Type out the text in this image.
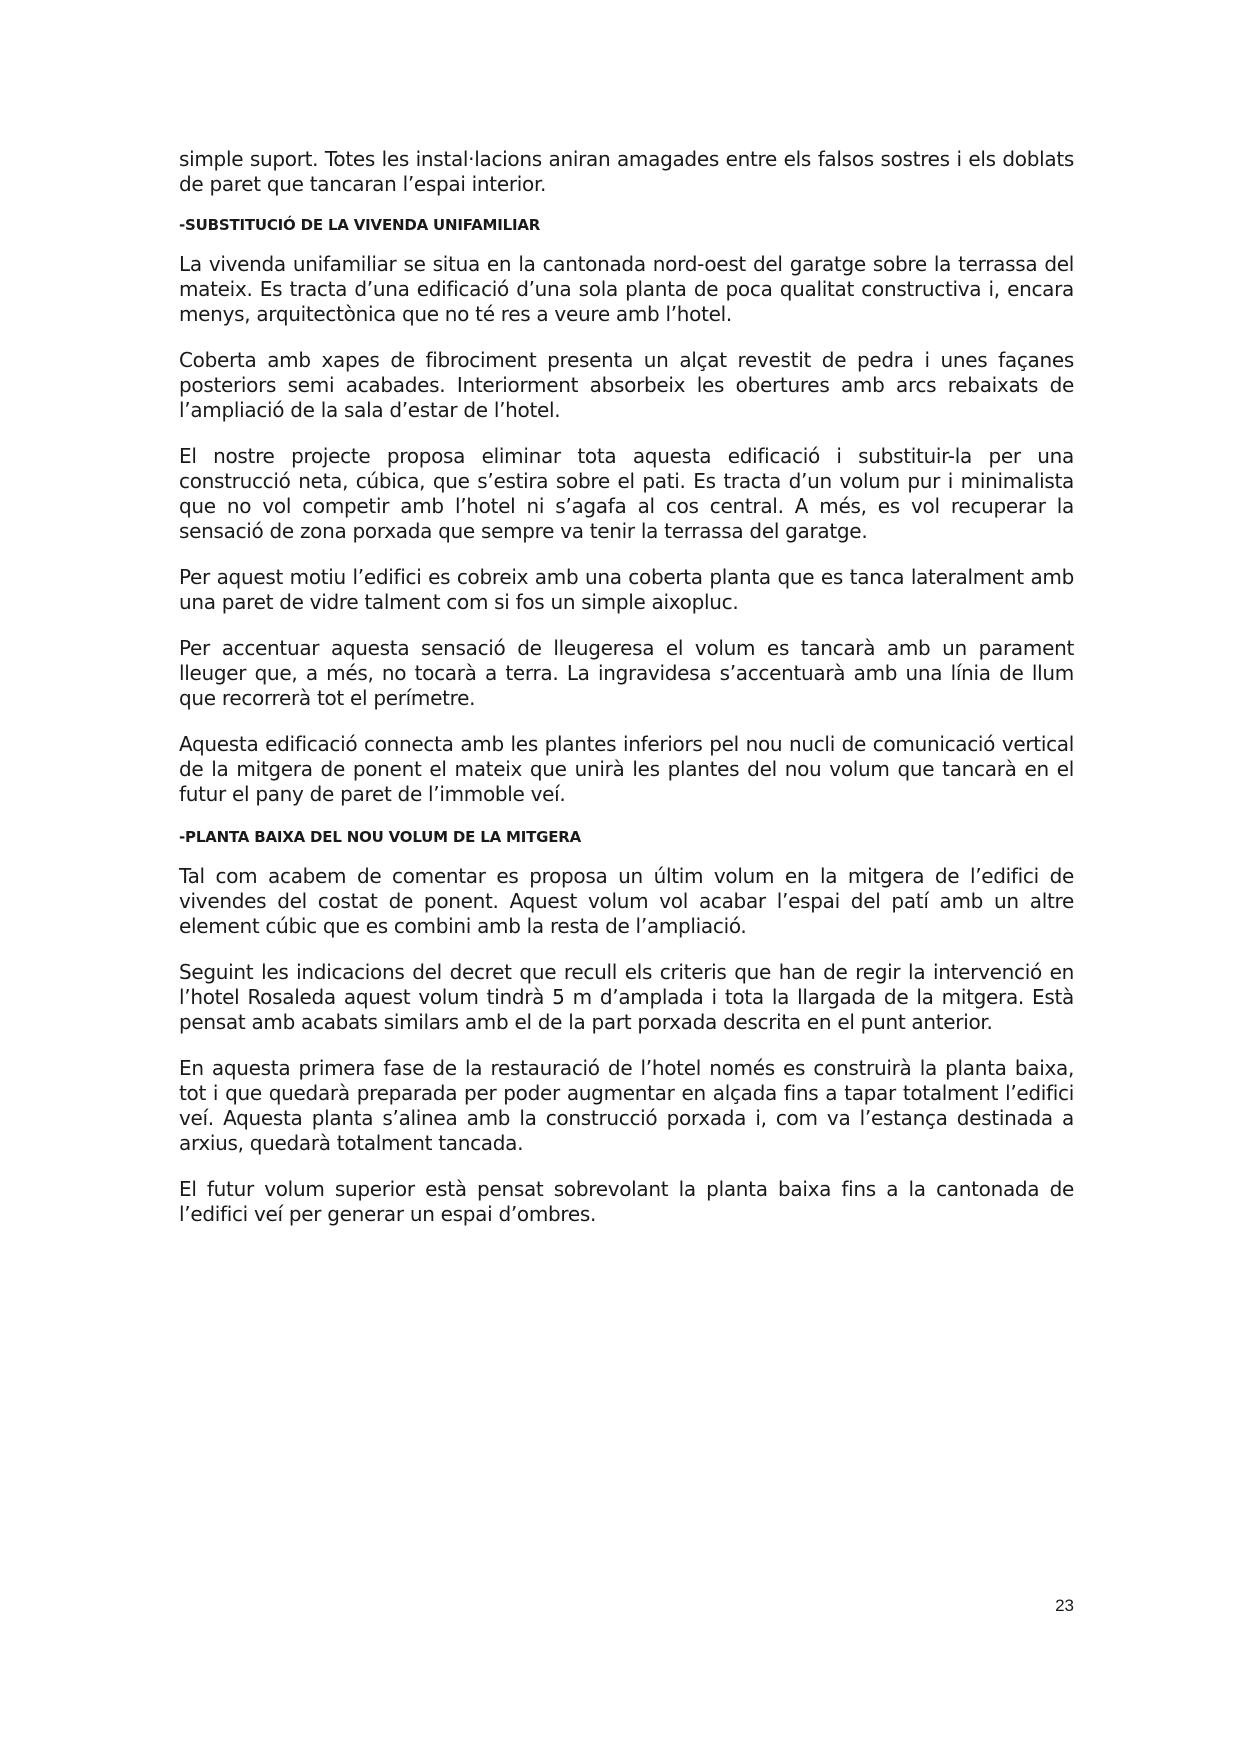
simple suport. Totes les instal·lacions aniran amagades entre els falsos sostres i els doblats de paret que tancaran l’espai interior.

-SUBSTITUCIÓ DE LA VIVENDA UNIFAMILIAR

La vivenda unifamiliar se situa en la cantonada nord-oest del garatge sobre la terrassa del mateix. Es tracta d’una edificació d’una sola planta de poca qualitat constructiva i, encara menys, arquitectònica que no té res a veure amb l’hotel.

Coberta amb xapes de fibrociment presenta un alçat revestit de pedra i unes façanes posteriors semi acabades. Interiorment absorbeix les obertures amb arcs rebaixats de l’ampliació de la sala d’estar de l’hotel.

El nostre projecte proposa eliminar tota aquesta edificació i substituir-la per una construcció neta, cúbica, que s’estira sobre el pati. Es tracta d’un volum pur i minimalista que no vol competir amb l’hotel ni s’agafa al cos central. A més, es vol recuperar la sensació de zona porxada que sempre va tenir la terrassa del garatge.

Per aquest motiu l’edifici es cobreix amb una coberta planta que es tanca lateralment amb una paret de vidre talment com si fos un simple aixopluc.

Per accentuar aquesta sensació de lleugeresa el volum es tancarà amb un parament lleuger que, a més, no tocarà a terra. La ingravidesa s’accentuarà amb una línia de llum que recorrerà tot el perímetre.

Aquesta edificació connecta amb les plantes inferiors pel nou nucli de comunicació vertical de la mitgera de ponent el mateix que unirà les plantes del nou volum que tancarà en el futur el pany de paret de l’immoble veí.

-PLANTA BAIXA DEL NOU VOLUM DE LA MITGERA

Tal com acabem de comentar es proposa un últim volum en la mitgera de l’edifici de vivendes del costat de ponent. Aquest volum vol acabar l’espai del patí amb un altre element cúbic que es combini amb la resta de l’ampliació.

Seguint les indicacions del decret que recull els criteris que han de regir la intervenció en l’hotel Rosaleda aquest volum tindrà 5 m d’amplada i tota la llargada de la mitgera. Està pensat amb acabats similars amb el de la part porxada descrita en el punt anterior.

En aquesta primera fase de la restauració de l’hotel només es construirà la planta baixa, tot i que quedarà preparada per poder augmentar en alçada fins a tapar totalment l’edifici veí. Aquesta planta s’alinea amb la construcció porxada i, com va l’estança destinada a arxius, quedarà totalment tancada.

El futur volum superior està pensat sobrevolant la planta baixa fins a la cantonada de l’edifici veí per generar un espai d’ombres.

23
